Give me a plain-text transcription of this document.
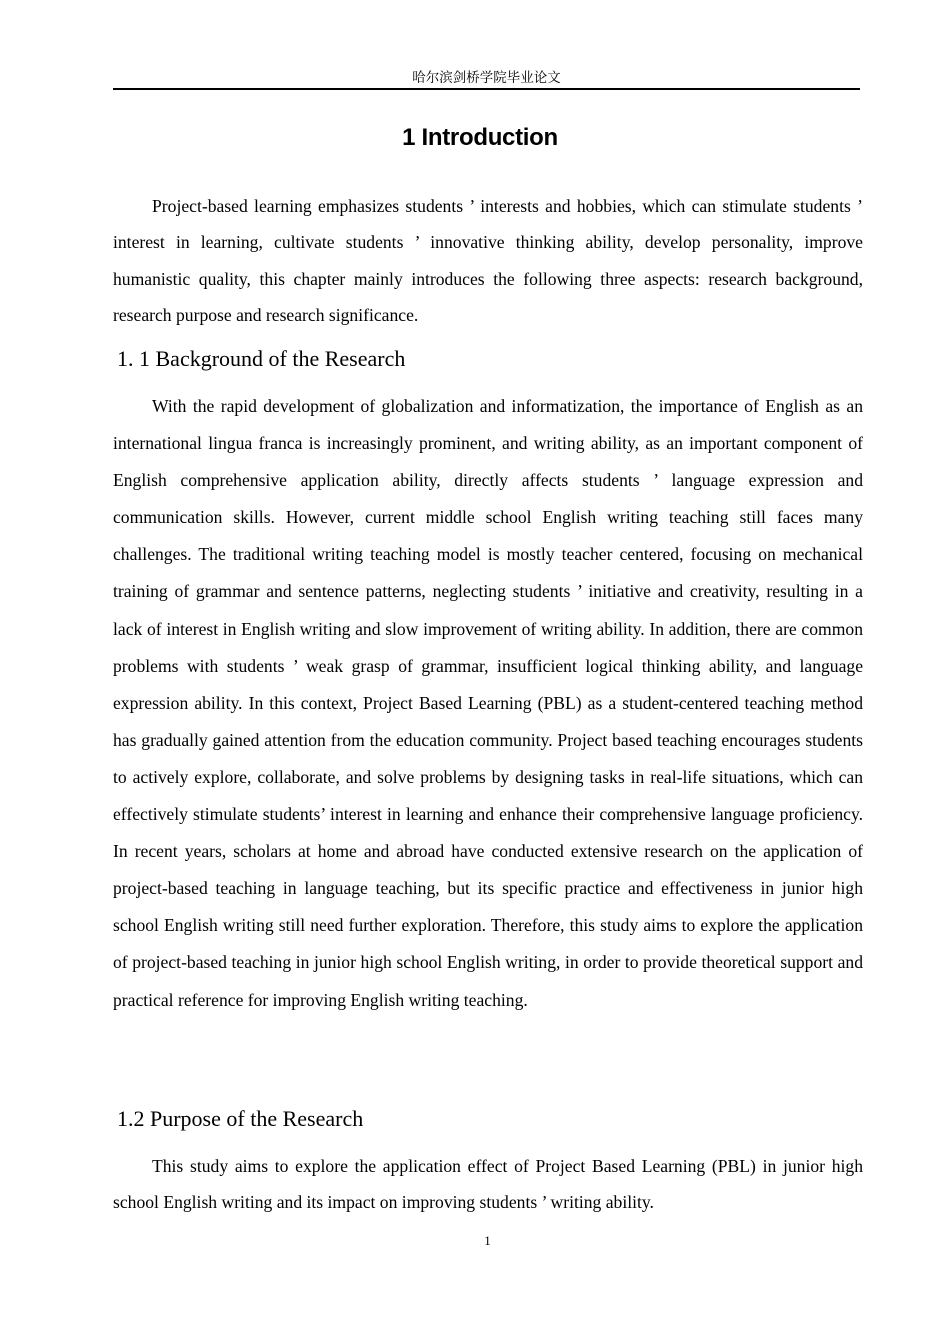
哈尔滨剑桥学院毕业论文
1 Introduction

Project-based learning emphasizes students ’ interests and hobbies, which can stimulate students ’ interest in learning, cultivate students ’ innovative thinking ability, develop personality, improve humanistic quality, this chapter mainly introduces the following three aspects: research background, research purpose and research significance.

1. 1 Background of the Research

With the rapid development of globalization and informatization, the importance of English as an international lingua franca is increasingly prominent, and writing ability, as an important component of English comprehensive application ability, directly affects students ’ language expression and communication skills. However, current middle school English writing teaching still faces many challenges. The traditional writing teaching model is mostly teacher centered, focusing on mechanical training of grammar and sentence patterns, neglecting students ’ initiative and creativity, resulting in a lack of interest in English writing and slow improvement of writing ability. In addition, there are common problems with students ’ weak grasp of grammar, insufficient logical thinking ability, and language expression ability. In this context, Project Based Learning (PBL) as a student-centered teaching method has gradually gained attention from the education community. Project based teaching encourages students to actively explore, collaborate, and solve problems by designing tasks in real-life situations, which can effectively stimulate students’ interest in learning and enhance their comprehensive language proficiency. In recent years, scholars at home and abroad have conducted extensive research on the application of project-based teaching in language teaching, but its specific practice and effectiveness in junior high school English writing still need further exploration. Therefore, this study aims to explore the application of project-based teaching in junior high school English writing, in order to provide theoretical support and practical reference for improving English writing teaching.

1.2 Purpose of the Research

This study aims to explore the application effect of Project Based Learning (PBL) in junior high school English writing and its impact on improving students ’ writing ability.

1
